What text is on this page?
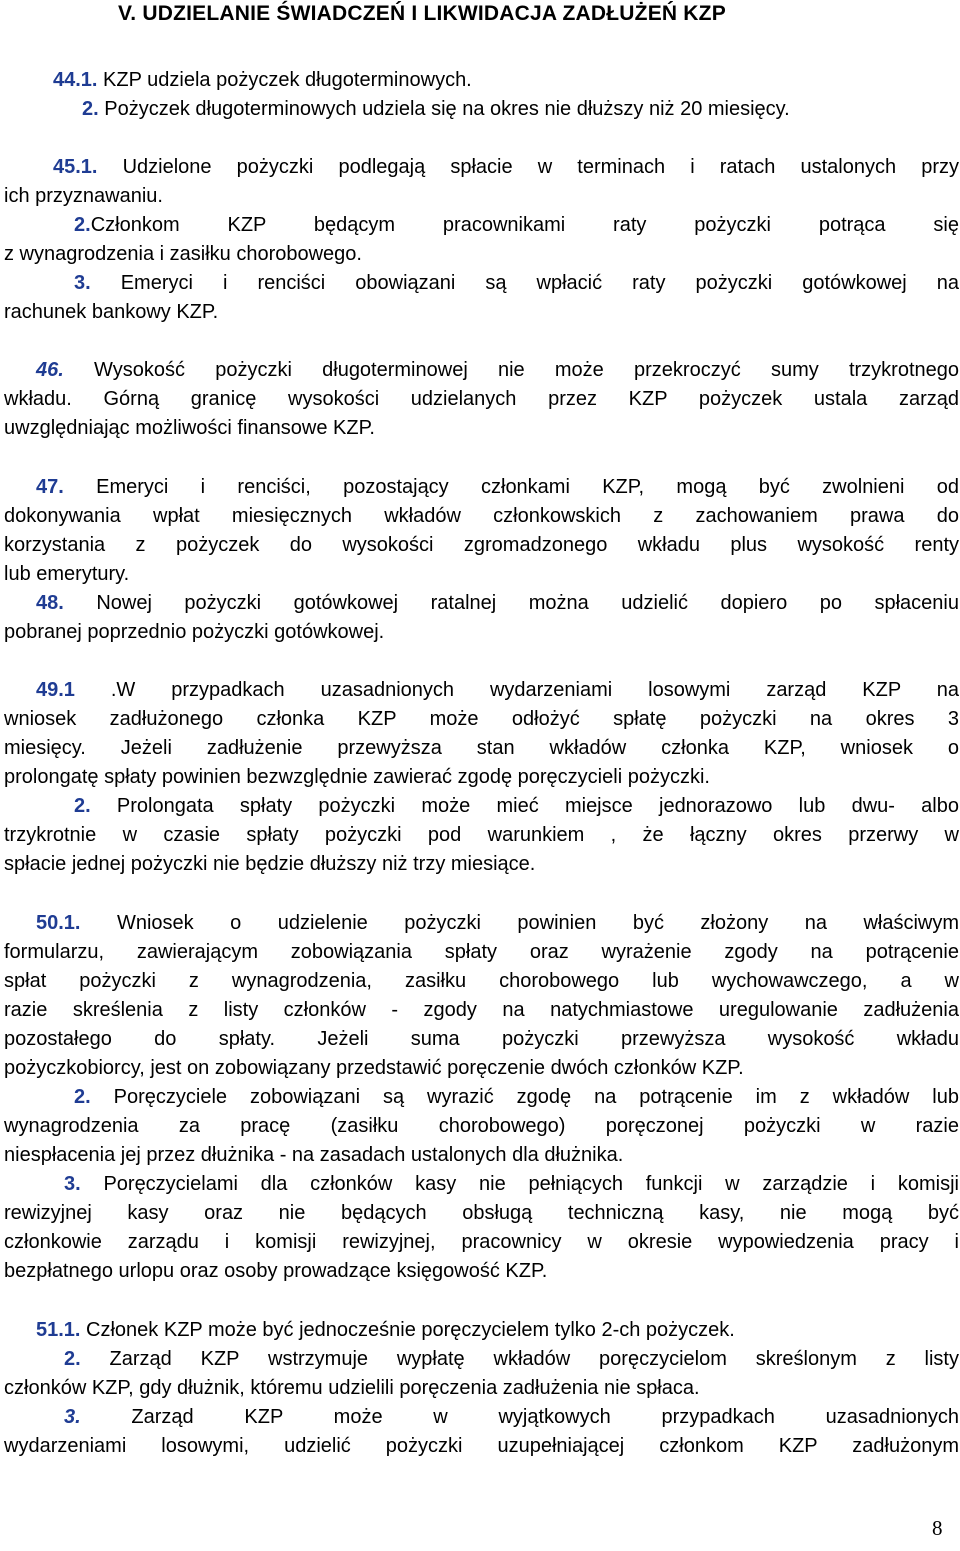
V. UDZIELANIE ŚWIADCZEŃ I LIKWIDACJA ZADŁUŻEŃ KZP
44.1. KZP udziela pożyczek długoterminowych.
2. Pożyczek długoterminowych udziela się na okres nie dłuższy niż 20 miesięcy.
45.1. Udzielone pożyczki podlegają spłacie w terminach i ratach ustalonych przy
ich przyznawaniu.
2.Członkom KZP będącym pracownikami raty pożyczki potrąca się
z wynagrodzenia i zasiłku chorobowego.
3. Emeryci i renciści obowiązani są wpłacić raty pożyczki gotówkowej na
rachunek bankowy KZP.
46. Wysokość pożyczki długoterminowej nie może przekroczyć sumy trzykrotnego
wkładu. Górną granicę wysokości udzielanych przez KZP pożyczek ustala zarząd
uwzględniając możliwości finansowe KZP.
47. Emeryci i renciści, pozostający członkami KZP, mogą być zwolnieni od
dokonywania wpłat miesięcznych wkładów członkowskich z zachowaniem prawa do
korzystania z pożyczek do wysokości zgromadzonego wkładu plus wysokość renty
lub emerytury.
48. Nowej pożyczki gotówkowej ratalnej można udzielić dopiero po spłaceniu
pobranej poprzednio pożyczki gotówkowej.
49.1 .W przypadkach uzasadnionych wydarzeniami losowymi zarząd KZP na
wniosek zadłużonego członka KZP może odłożyć spłatę pożyczki na okres 3
miesięcy. Jeżeli zadłużenie przewyższa stan wkładów członka KZP, wniosek o
prolongatę spłaty powinien bezwzględnie zawierać zgodę poręczycieli pożyczki.
2. Prolongata spłaty pożyczki może mieć miejsce jednorazowo lub dwu- albo
trzykrotnie w czasie spłaty pożyczki pod warunkiem , że łączny okres przerwy w
spłacie jednej pożyczki nie będzie dłuższy niż trzy miesiące.
50.1. Wniosek o udzielenie pożyczki powinien być złożony na właściwym
formularzu, zawierającym zobowiązania spłaty oraz wyrażenie zgody na potrącenie
spłat pożyczki z wynagrodzenia, zasiłku chorobowego lub wychowawczego, a w
razie skreślenia z listy członków - zgody na natychmiastowe uregulowanie zadłużenia
pozostałego do spłaty. Jeżeli suma pożyczki przewyższa wysokość wkładu
pożyczkobiorcy, jest on zobowiązany przedstawić poręczenie dwóch członków KZP.
2. Poręczyciele zobowiązani są wyrazić zgodę na potrącenie im z wkładów lub
wynagrodzenia za pracę (zasiłku chorobowego) poręczonej pożyczki w razie
niespłacenia jej przez dłużnika - na zasadach ustalonych dla dłużnika.
3. Poręczycielami dla członków kasy nie pełniących funkcji w zarządzie i komisji
rewizyjnej kasy oraz nie będących obsługą techniczną kasy, nie mogą być
członkowie zarządu i komisji rewizyjnej, pracownicy w okresie wypowiedzenia pracy i
bezpłatnego urlopu oraz osoby prowadzące księgowość KZP.
51.1. Członek KZP może być jednocześnie poręczycielem tylko 2-ch pożyczek.
2. Zarząd KZP wstrzymuje wypłatę wkładów poręczycielom skreślonym z listy
członków KZP, gdy dłużnik, któremu udzielili poręczenia zadłużenia nie spłaca.
3. Zarząd KZP może w wyjątkowych przypadkach uzasadnionych
wydarzeniami losowymi, udzielić pożyczki uzupełniającej członkom KZP zadłużonym
8
